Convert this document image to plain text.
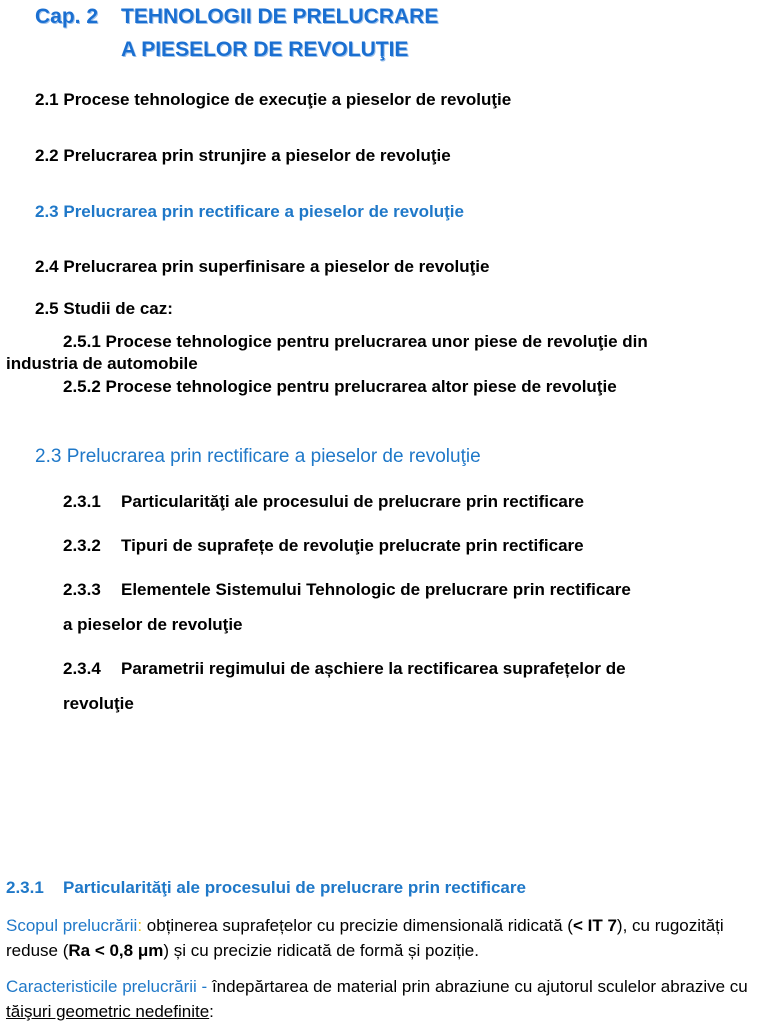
Cap. 2 TEHNOLOGII DE PRELUCRARE
A PIESELOR DE REVOLUŢIE
2.1 Procese tehnologice de execuţie a pieselor de revoluţie
2.2 Prelucrarea prin strunjire a pieselor de revoluţie
2.3 Prelucrarea prin rectificare a pieselor de revoluţie
2.4 Prelucrarea prin superfinisare a pieselor de revoluţie
2.5 Studii de caz:
2.5.1 Procese tehnologice pentru prelucrarea unor piese de revoluţie din
industria de automobile
2.5.2 Procese tehnologice pentru prelucrarea altor piese de revoluţie
2.3 Prelucrarea prin rectificare a pieselor de revoluţie
2.3.1 Particularităţi ale procesului de prelucrare prin rectificare
2.3.2 Tipuri de suprafețe de revoluţie prelucrate prin rectificare
2.3.3 Elementele Sistemului Tehnologic de prelucrare prin rectificare
a pieselor de revoluţie
2.3.4 Parametrii regimului de așchiere la rectificarea suprafețelor de
revoluţie
2.3.1 Particularităţi ale procesului de prelucrare prin rectificare
Scopul prelucrării: obținerea suprafețelor cu precizie dimensională ridicată (< IT 7), cu rugozități reduse (Ra < 0,8 μm) și cu precizie ridicată de formă și poziție.
Caracteristicile prelucrării - îndepărtarea de material prin abraziune cu ajutorul sculelor abrazive cu tăişuri geometric nedefinite:
